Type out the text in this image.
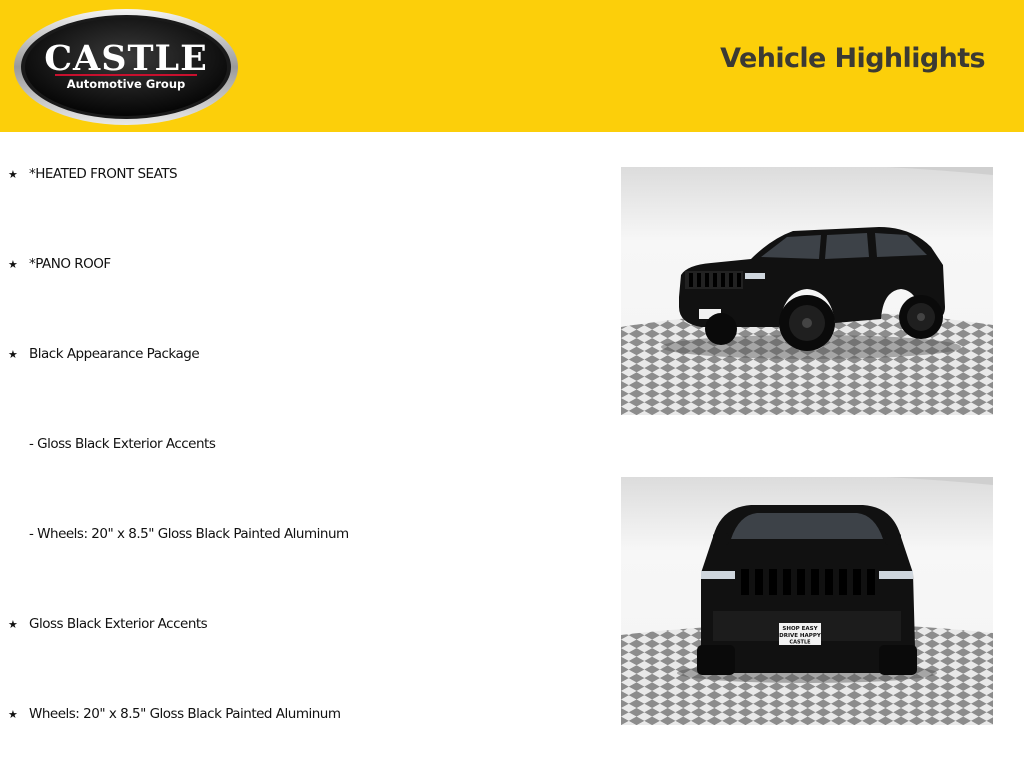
CASTLE
Automotive Group
Vehicle Highlights
★ *HEATED FRONT SEATS
★ *PANO ROOF
★ Black Appearance Package
- Gloss Black Exterior Accents
- Wheels: 20" x 8.5" Gloss Black Painted Aluminum
★ Gloss Black Exterior Accents
★ Wheels: 20" x 8.5" Gloss Black Painted Aluminum
SHOP EASY
DRIVE HAPPY
CASTLE
